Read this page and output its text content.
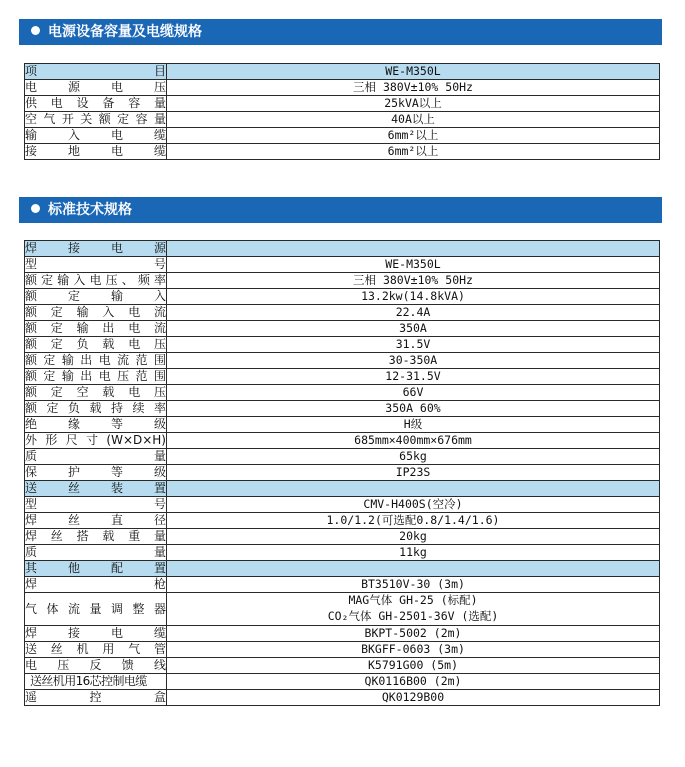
电源设备容量及电缆规格
项目	WE-M350L
电源电压	三相 380V±10% 50Hz
供电设备容量	25kVA以上
空气开关额定容量	40A以上
输入电缆	6mm²以上
接地电缆	6mm²以上
标准技术规格
焊接电源	
型号	WE-M350L
额定输入电压、频率	三相 380V±10% 50Hz
额定输入	13.2kw(14.8kVA)
额定输入电流	22.4A
额定输出电流	350A
额定负载电压	31.5V
额定输出电流范围	30-350A
额定输出电压范围	12-31.5V
额定空载电压	66V
额定负载持续率	350A 60%
绝缘等级	H级
外形尺寸(W×D×H)	685mm×400mm×676mm
质量	65kg
保护等级	IP23S
送丝装置	
型号	CMV-H400S(空冷)
焊丝直径	1.0/1.2(可选配0.8/1.4/1.6)
焊丝搭载重量	20kg
质量	11kg
其他配置	
焊枪	BT3510V-30 (3m)
气体流量调整器	MAG气体 GH-25 (标配)
CO₂气体 GH-2501-36V (选配)

焊接电缆	BKPT-5002 (2m)
送丝机用气管	BKGFF-0603 (3m)
电压反馈线	K5791G00 (5m)
送丝机用16芯控制电缆	QK0116B00 (2m)
遥控盒	QK0129B00
